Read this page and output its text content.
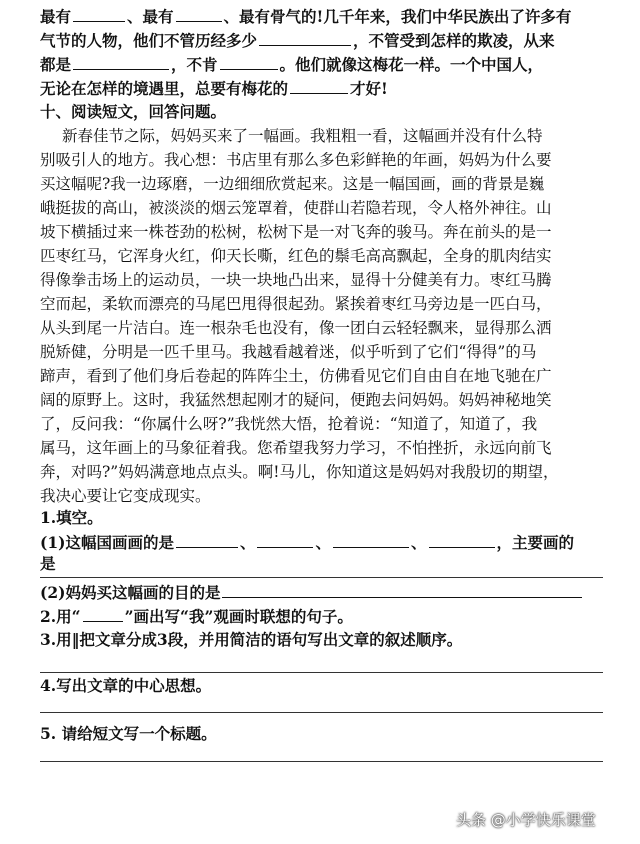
最有	、最有	、最有骨气的!几千年来，我们中华民族出了许多有
气节的人物，他们不管历经多少	，不管受到怎样的欺凌，从来
都是	，不肯	。他们就像这梅花一样。一个中国人，
无论在怎样的境遇里，总要有梅花的	才好!
十、阅读短文，回答问题。
新春佳节之际，妈妈买来了一幅画。我粗粗一看，这幅画并没有什么特
别吸引人的地方。我心想：书店里有那么多色彩鲜艳的年画，妈妈为什么要
买这幅呢?我一边琢磨，一边细细欣赏起来。这是一幅国画，画的背景是巍
峨挺拔的高山，被淡淡的烟云笼罩着，使群山若隐若现，令人格外神往。山
坡下横插过来一株苍劲的松树，松树下是一对飞奔的骏马。奔在前头的是一
匹枣红马，它浑身火红，仰天长嘶，红色的鬃毛高高飘起，全身的肌肉结实
得像拳击场上的运动员，一块一块地凸出来，显得十分健美有力。枣红马腾
空而起，柔软而漂亮的马尾巴甩得很起劲。紧挨着枣红马旁边是一匹白马，
从头到尾一片洁白。连一根杂毛也没有，像一团白云轻轻飘来，显得那么洒
脱矫健，分明是一匹千里马。我越看越着迷，似乎听到了它们“得得”的马
蹄声，看到了他们身后卷起的阵阵尘土，仿佛看见它们自由自在地飞驰在广
阔的原野上。这时，我猛然想起刚才的疑问，便跑去问妈妈。妈妈神秘地笑
了，反问我：“你属什么呀?”我恍然大悟，抢着说：“知道了，知道了，我
属马，这年画上的马象征着我。您希望我努力学习，不怕挫折，永远向前飞
奔，对吗?”妈妈满意地点点头。啊!马儿，你知道这是妈妈对我殷切的期望，
我决心要让它变成现实。
1.填空。
(1)这幅国画画的是	、	、	、	，主要画的
是
(2)妈妈买这幅画的目的是
2.用“	”画出写“我”观画时联想的句子。
3.用‖把文章分成3段，并用简洁的语句写出文章的叙述顺序。
4.写出文章的中心思想。
5. 请给短文写一个标题。
头条 @小学快乐课堂
